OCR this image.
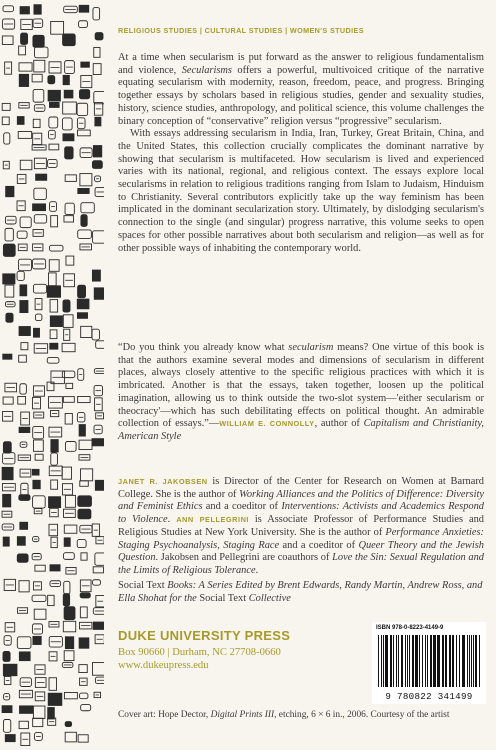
RELIGIOUS STUDIES | CULTURAL STUDIES | WOMEN'S STUDIES

At a time when secularism is put forward as the answer to religious fundamentalism and violence, Secularisms offers a powerful, multivoiced critique of the narrative equating secularism with modernity, reason, freedom, peace, and progress. Bringing together essays by scholars based in religious studies, gender and sexuality studies, history, science studies, anthropology, and political science, this volume challenges the binary conception of “conservative” religion versus “progressive” secularism.

With essays addressing secularism in India, Iran, Turkey, Great Britain, China, and the United States, this collection crucially complicates the dominant narrative by showing that secularism is multifaceted. How secularism is lived and experienced varies with its national, regional, and religious context. The essays explore local secularisms in relation to religious traditions ranging from Islam to Judaism, Hinduism to Christianity. Several contributors explicitly take up the way feminism has been implicated in the dominant secularization story. Ultimately, by dislodging secularism's connection to the single (and singular) progress narrative, this volume seeks to open spaces for other possible narratives about both secularism and religion—as well as for other possible ways of inhabiting the contemporary world.

“Do you think you already know what secularism means? One virtue of this book is that the authors examine several modes and dimensions of secularism in different places, always closely attentive to the specific religious practices with which it is imbricated. Another is that the essays, taken together, loosen up the political imagination, allowing us to think outside the two-slot system—'either secularism or theocracy'—which has such debilitating effects on political thought. An admirable collection of essays.”—WILLIAM E. CONNOLLY, author of Capitalism and Christianity, American Style

JANET R. JAKOBSEN is Director of the Center for Research on Women at Barnard College. She is the author of Working Alliances and the Politics of Difference: Diversity and Feminist Ethics and a coeditor of Interventions: Activists and Academics Respond to Violence. ANN PELLEGRINI is Associate Professor of Performance Studies and Religious Studies at New York University. She is the author of Performance Anxieties: Staging Psychoanalysis, Staging Race and a coeditor of Queer Theory and the Jewish Question. Jakobsen and Pellegrini are coauthors of Love the Sin: Sexual Regulation and the Limits of Religious Tolerance.

Social Text Books: A Series Edited by Brent Edwards, Randy Martin, Andrew Ross, and Ella Shohat for the Social Text Collective

DUKE UNIVERSITY PRESS
Box 90660 | Durham, NC 27708-0660
www.dukeupress.edu
Cover art: Hope Dector, Digital Prints III, etching, 6 × 6 in., 2006. Courtesy of the artist
ISBN 978-0-8223-4149-9
9 780822 341499
